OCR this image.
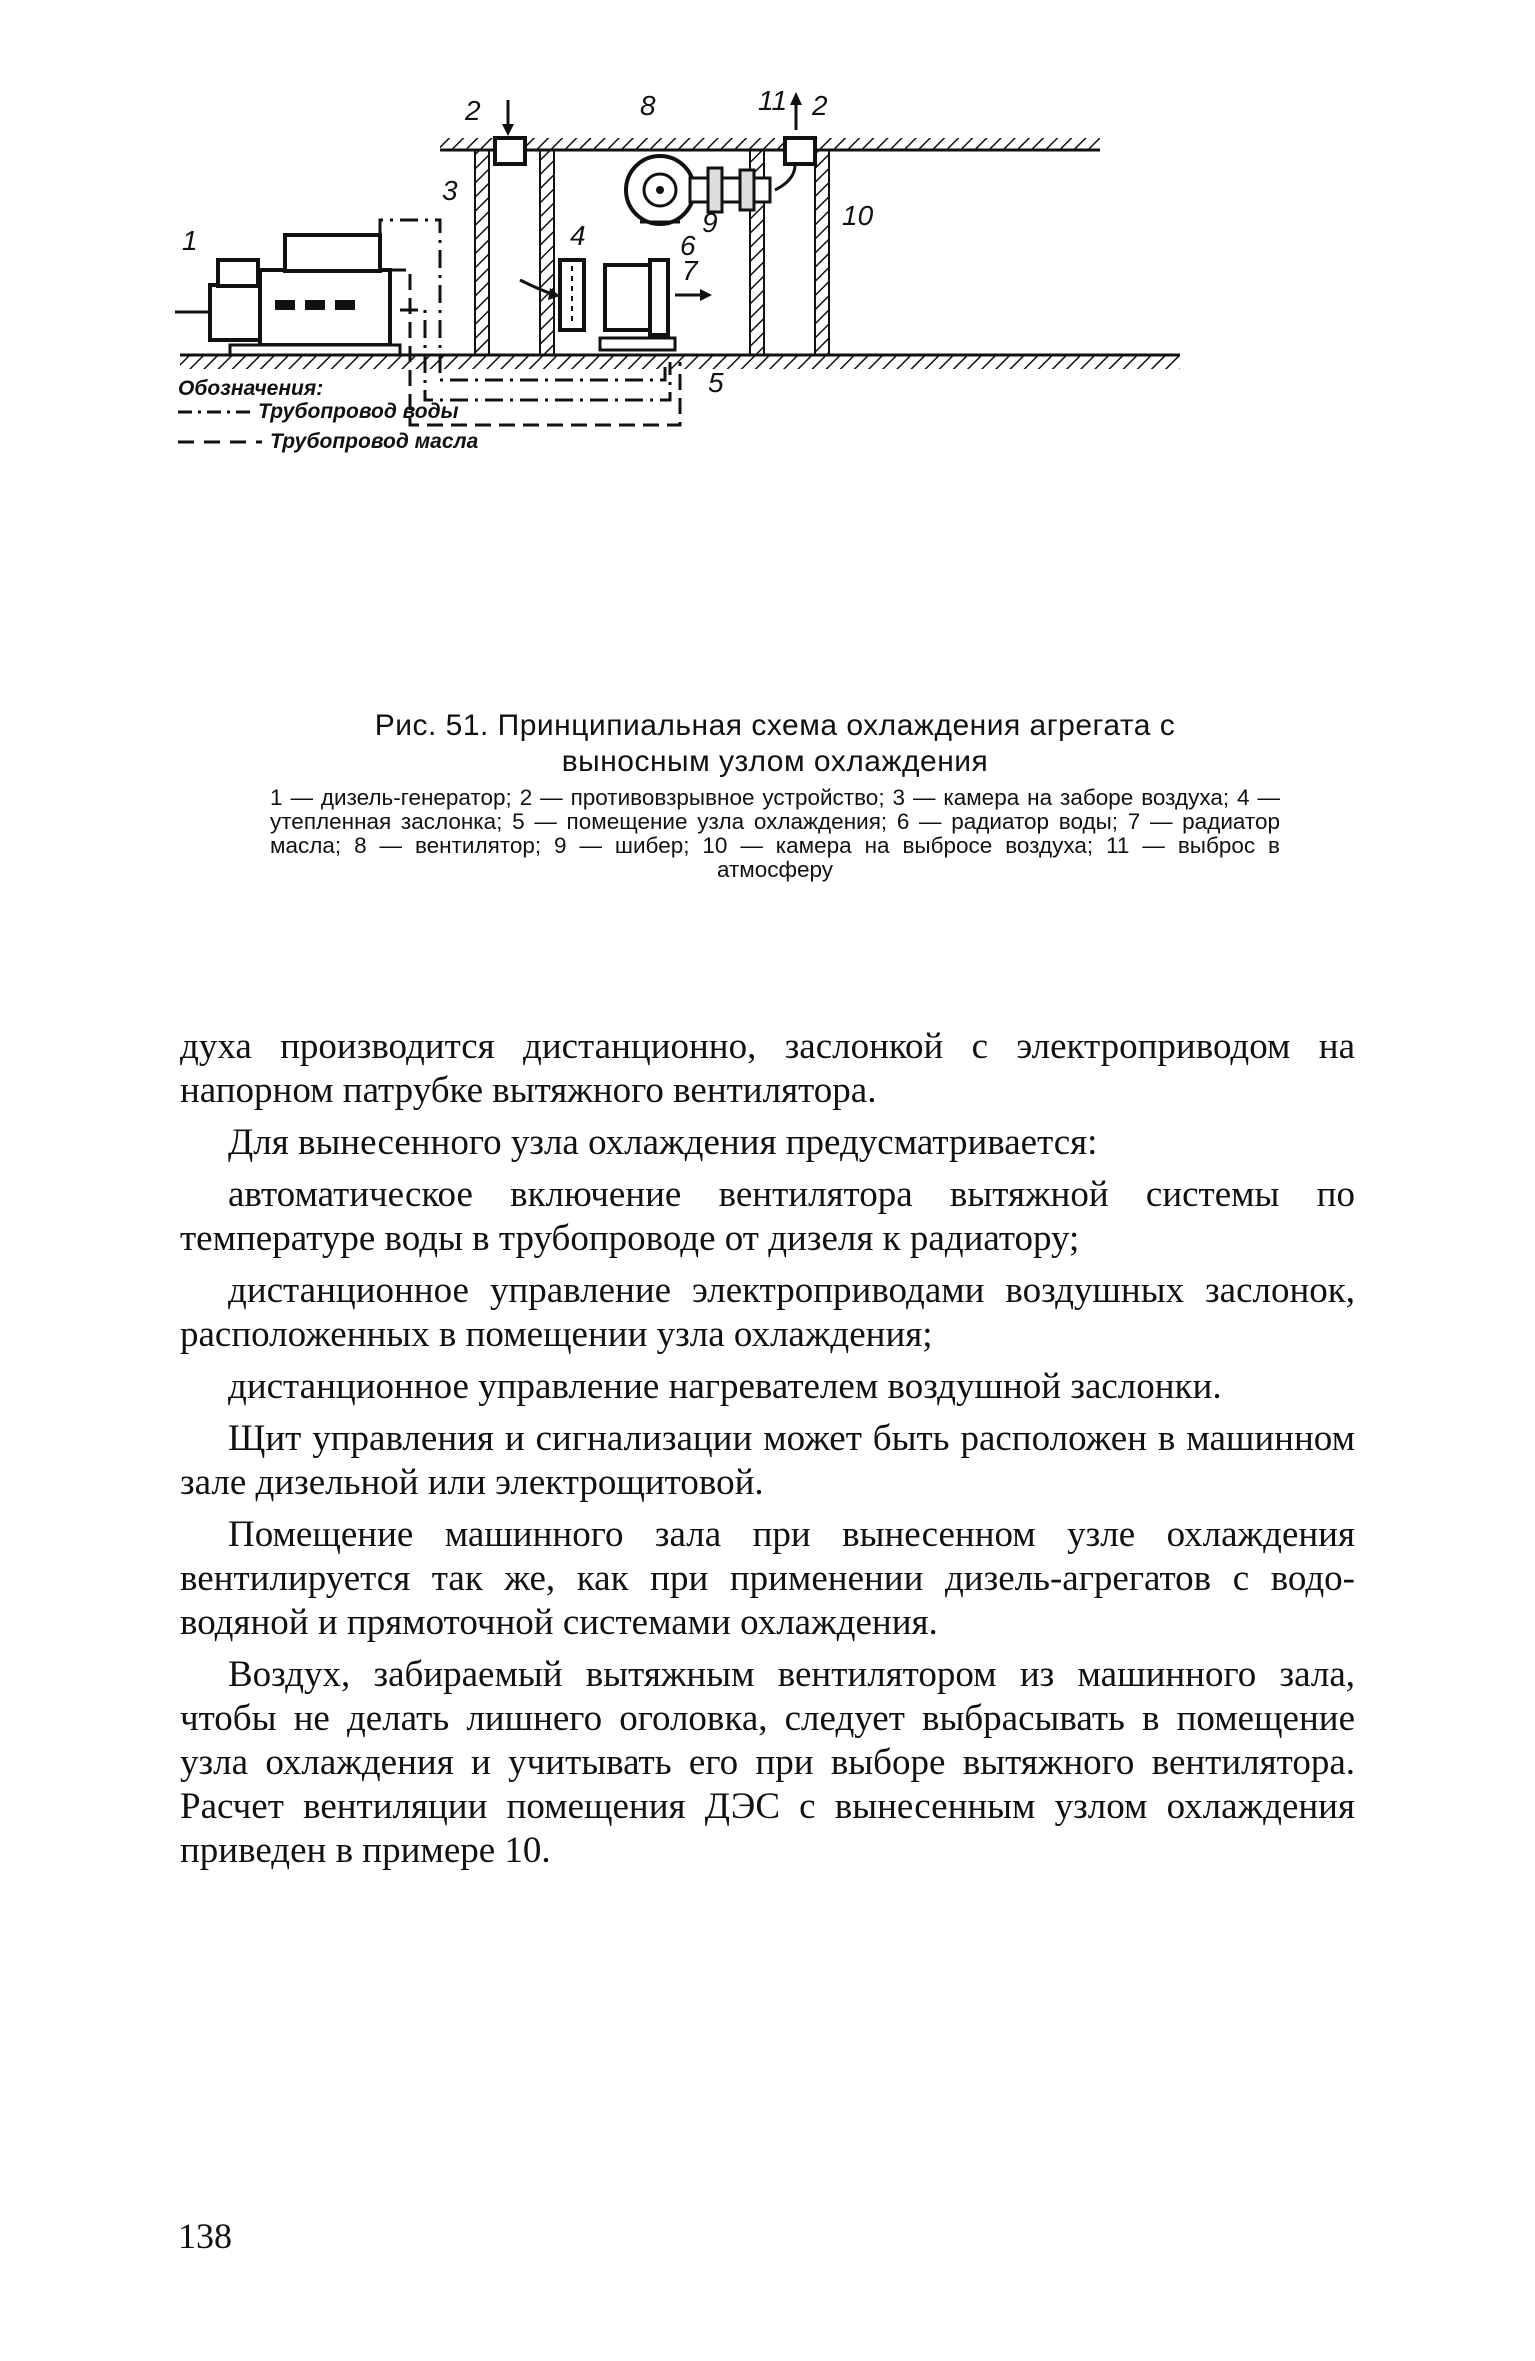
1
2
3
4
5
6
7
8
9	10
11 2
Обозначения:
Трубопровод воды
Трубопровод масла
Рис. 51. Принципиальная схема охлаждения агрегата с
выносным узлом охлаждения
1 — дизель-генератор; 2 — противовзрывное устройство; 3 — камера на заборе воздуха; 4 — утепленная заслонка; 5 — помещение узла охлаждения; 6 — радиатор воды; 7 — радиатор масла; 8 — вентилятор; 9 — шибер; 10 — камера на выбросе воздуха; 11 — выброс в атмосферу

духа производится дистанционно, заслонкой с электроприводом на напорном патрубке вытяжного вентилятора.

Для вынесенного узла охлаждения предусматривается:

автоматическое включение вентилятора вытяжной системы по температуре воды в трубопроводе от дизеля к радиатору;

дистанционное управление электроприводами воздушных заслонок, расположенных в помещении узла охлаждения;

дистанционное управление нагревателем воздушной заслонки.

Щит управления и сигнализации может быть расположен в машинном зале дизельной или электрощитовой.

Помещение машинного зала при вынесенном узле охлаждения вентилируется так же, как при применении дизель-агрегатов с водо-водяной и прямоточной системами охлаждения.

Воздух, забираемый вытяжным вентилятором из машинного зала, чтобы не делать лишнего оголовка, следует выбрасывать в помещение узла охлаждения и учитывать его при выборе вытяжного вентилятора. Расчет вентиляции помещения ДЭС с вынесенным узлом охлаждения приведен в примере 10.

138
